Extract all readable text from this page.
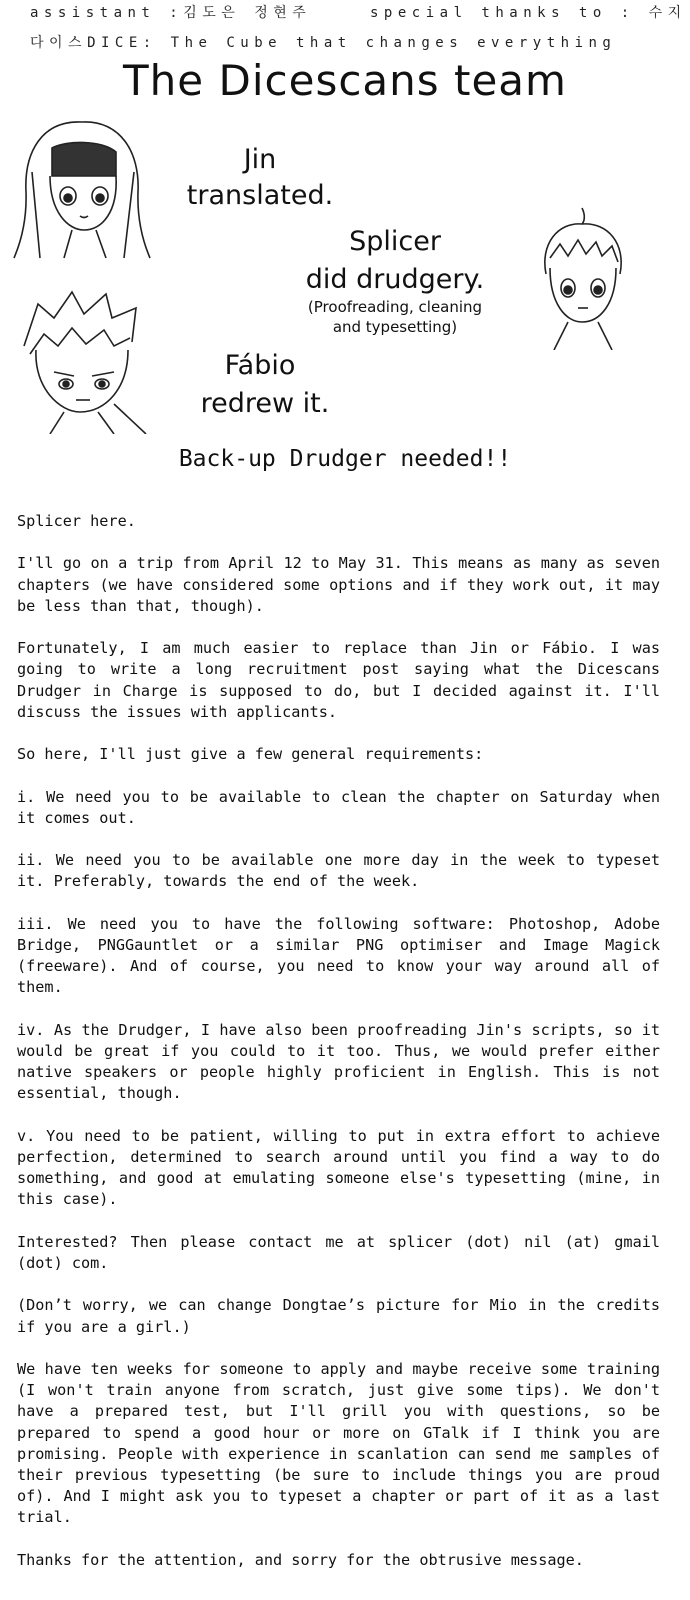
assistant :김도은 정현주	special thanks to : 수지
다이스DICE: The Cube that changes everything
The Dicescans team
Jin
translated.
Splicer
did drudgery.
(Proofreading, cleaning
and typesetting)
Fábio
redrew it.
Back-up Drudger needed!!

Splicer here.

I'll go on a trip from April 12 to May 31. This means as many as seven chapters (we have considered some options and if they work out, it may be less than that, though).

Fortunately, I am much easier to replace than Jin or Fábio. I was going to write a long recruitment post saying what the Dicescans Drudger in Charge is supposed to do, but I decided against it. I'll discuss the issues with applicants.

So here, I'll just give a few general requirements:

i. We need you to be available to clean the chapter on Saturday when it comes out.

ii. We need you to be available one more day in the week to typeset it. Preferably, towards the end of the week.

iii. We need you to have the following software: Photoshop, Adobe Bridge, PNGGauntlet or a similar PNG optimiser and Image Magick (freeware). And of course, you need to know your way around all of them.

iv. As the Drudger, I have also been proofreading Jin's scripts, so it would be great if you could to it too. Thus, we would prefer either native speakers or people highly proficient in English. This is not essential, though.

v. You need to be patient, willing to put in extra effort to achieve perfection, determined to search around until you find a way to do something, and good at emulating someone else's typesetting (mine, in this case).

Interested? Then please contact me at splicer (dot) nil (at) gmail (dot) com.

(Don’t worry, we can change Dongtae’s picture for Mio in the credits if you are a girl.)

We have ten weeks for someone to apply and maybe receive some training (I won't train anyone from scratch, just give some tips). We don't have a prepared test, but I'll grill you with questions, so be prepared to spend a good hour or more on GTalk if I think you are promising. People with experience in scanlation can send me samples of their previous typesetting (be sure to include things you are proud of). And I might ask you to typeset a chapter or part of it as a last trial.

Thanks for the attention, and sorry for the obtrusive message.
